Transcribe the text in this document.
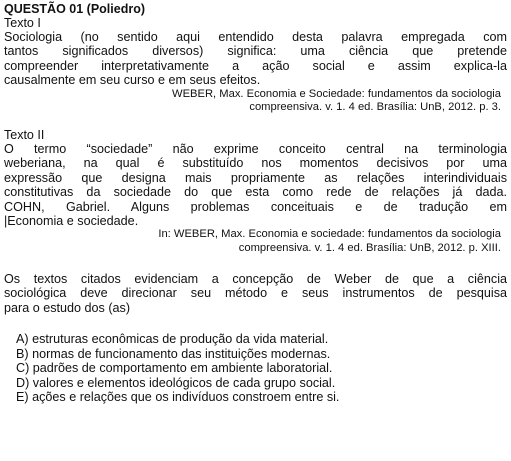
QUESTÃO 01 (Poliedro)

Texto I

Sociologia (no sentido aqui entendido desta palavra empregada com
tantos significados diversos) significa: uma ciência que pretende
compreender interpretativamente a ação social e assim explica-la
causalmente em seu curso e em seus efeitos.

WEBER, Max. Economia e Sociedade: fundamentos da sociologia
compreensiva. v. 1. 4 ed. Brasília: UnB, 2012. p. 3.

Texto II

O termo “sociedade” não exprime conceito central na terminologia
weberiana, na qual é substituído nos momentos decisivos por uma
expressão que designa mais propriamente as relações interindividuais
constitutivas da sociedade do que esta como rede de relações já dada.
COHN, Gabriel. Alguns problemas conceituais e de tradução em
|Economia e sociedade.

In: WEBER, Max. Economia e sociedade: fundamentos da sociologia
compreensiva. v. 1. 4 ed. Brasília: UnB, 2012. p. XIII.

Os textos citados evidenciam a concepção de Weber de que a ciência
sociológica deve direcionar seu método e seus instrumentos de pesquisa
para o estudo dos (as)

A) estruturas econômicas de produção da vida material.
B) normas de funcionamento das instituições modernas.
C) padrões de comportamento em ambiente laboratorial.
D) valores e elementos ideológicos de cada grupo social.
E) ações e relações que os indivíduos constroem entre si.
